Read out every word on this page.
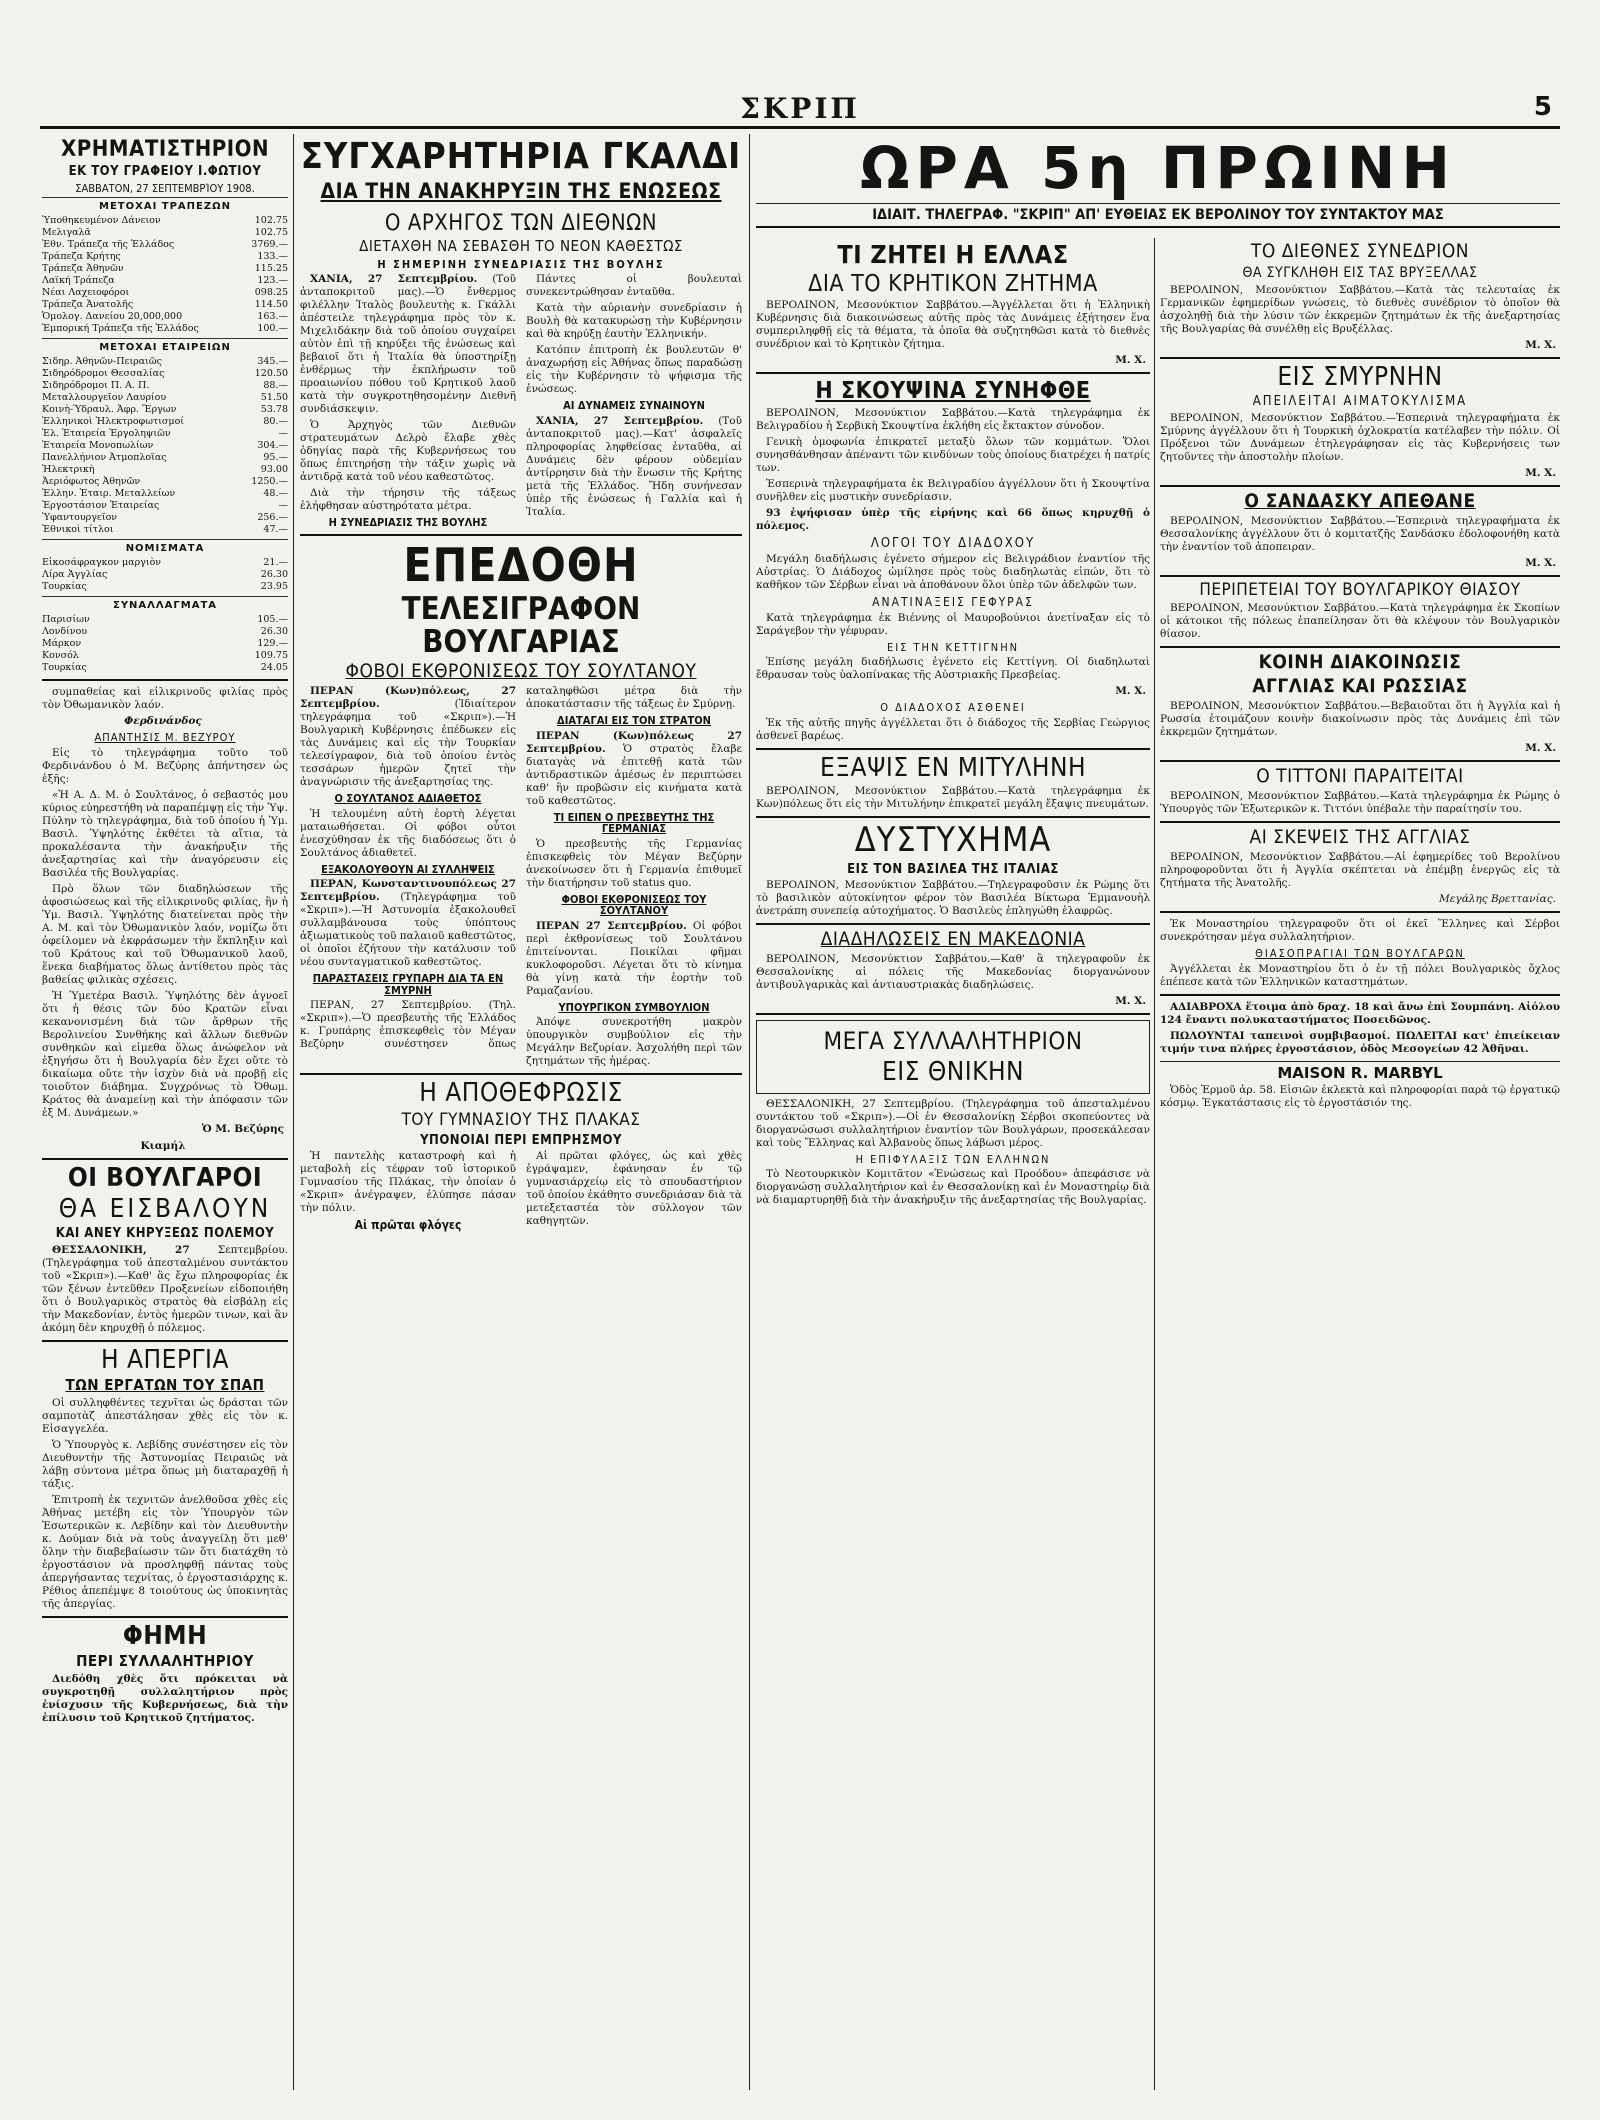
ΣΚΡΙΠ	5
ΧΡΗΜΑΤΙΣΤΗΡΙΟΝ
ΕΚ ΤΟΥ ΓΡΑΦΕΙΟΥ Ι.ΦΩΤΙΟΥ
ΣΑΒΒΑΤΟΝ, 27 ΣΕΠΤΕΜΒΡΊΟΥ 1908.
ΜΕΤΟΧΑΙ ΤΡΑΠΕΖΩΝ
Ὑποθηκευμένον Δάνειον	102.75
Μελιγαλᾶ	102.75
Ἐθν. Τράπεζα τῆς Ἑλλάδος	3769.—
Τράπεζα Κρήτης	133.—
Τράπεζα Ἀθηνῶν	115.25
Λαϊκή Τράπεζα	123.—
Νέαι Λαχειοφόροι	098.25
Τράπεζα Ἀνατολῆς	114.50
Ὁμολογ. Δανείου 20,000,000	163.—
Ἐμπορική Τράπεζα τῆς Ἑλλάδος	100.—
ΜΕΤΟΧΑΙ ΕΤΑΙΡΕΙΩΝ
Σιδηρ. Ἀθηνῶν-Πειραιῶς	345.—
Σιδηρόδρομοι Θεσσαλίας	120.50
Σιδηρόδρομοι Π. Α. Π.	88.—
Μεταλλουργεῖον Λαυρίου	51.50
Κοινὴ-Ὑδραυλ. Ἀφρ. Ἔργων	53.78
Ἑλληνικοὶ Ἠλεκτροφωτισμοί	80.—
Ἑλ. Ἑταιρεία Ἐργοληψιῶν	—
Ἑταιρεία Μονοπωλίων	304.—
Πανελλήνιον Ἀτμοπλοΐας	95.—
Ἠλεκτρικὴ	93.00
Ἀεριόφωτος Ἀθηνῶν	1250.—
Ἐλλην. Ἑταιρ. Μεταλλείων	48.—
Ἐργοστάσιον Ἑταιρείας	—
Ὑφαντουργεῖον	256.—
Ἐθνικοὶ τίτλοι	47.—
ΝΟΜΙΣΜΑΤΑ
Εἰκοσάφραγκον μαργιὸν	21.—
Λίρα Ἀγγλίας	26.30
Τουρκίας	23.95
ΣΥΝΑΛΛΑΓΜΑΤΑ
Παρισίων	105.—
Λονδίνου	26.30
Μάρκον	129.—
Κονσόλ	109.75
Τουρκίας	24.05

συμπαθείας καὶ εἰλικρινοῦς φιλίας πρὸς τὸν Ὀθωμανικὸν λαόν.

Φερδινάνδος
ΑΠΑΝΤΗΣΙΣ Μ. ΒΕΖΥΡΟΥ

Εἰς τὸ τηλεγράφημα τοῦτο τοῦ Φερδινάνδου ὁ Μ. Βεζύρης ἀπήντησεν ὡς ἑξῆς:

«Ἡ Α. Δ. Μ. ὁ Σουλτάνος, ὁ σεβαστός μου κύριος εὐηρεστήθη νὰ παραπέμψῃ εἰς τὴν Ὑψ. Πύλην τὸ τηλεγράφημα, διὰ τοῦ ὁποίου ἡ Ὑμ. Βασιλ. Ὑψηλότης ἐκθέτει τὰ αἴτια, τὰ προκαλέσαντα τὴν ἀνακήρυξιν τῆς ἀνεξαρτησίας καὶ τὴν ἀναγόρευσιν εἰς Βασιλέα τῆς Βουλγαρίας.

Πρὸ ὅλων τῶν διαδηλώσεων τῆς ἀφοσιώσεως καὶ τῆς εἰλικρινοῦς φιλίας, ἣν ἡ Ὑμ. Βασιλ. Ὑψηλότης διατείνεται πρὸς τὴν Α. Μ. καὶ τὸν Ὀθωμανικὸν λαόν, νομίζω ὅτι ὀφείλομεν νὰ ἐκφράσωμεν τὴν ἔκπληξιν καὶ τοῦ Κράτους καὶ τοῦ Ὀθωμανικοῦ λαοῦ, ἕνεκα διαβήματος ὅλως ἀντίθετου πρὸς τὰς βαθείας φιλικὰς σχέσεις.

Ἡ Ὑμετέρα Βασιλ. Ὑψηλότης δὲν ἀγνοεῖ ὅτι ἡ θέσις τῶν δύο Κρατῶν εἶναι κεκανονισμένη διὰ τῶν ἄρθρων τῆς Βερολινείου Συνθήκης καὶ ἄλλων διεθνῶν συνθηκῶν καὶ εἰμεθα ὅλως ἀνώφελον νὰ ἐξηγήσω ὅτι ἡ Βουλγαρία δὲν ἔχει οὔτε τὸ δικαίωμα οὔτε τὴν ἰσχὺν διὰ νὰ προβῇ εἰς τοιοῦτον διάβημα. Συγχρόνως τὸ Ὀθωμ. Κράτος θὰ ἀναμείνῃ καὶ τὴν ἀπόφασιν τῶν ἐξ Μ. Δυνάμεων.»

Ὁ Μ. Βεζύρης
Κιαμήλ
ΟΙ ΒΟΥΛΓΑΡΟΙ
ΘΑ ΕΙΣΒΑΛΟΥΝ
ΚΑΙ ΑΝΕΥ ΚΗΡΥΞΕΩΣ ΠΟΛΕΜΟΥ

ΘΕΣΣΑΛΟΝΙΚΗ, 27	Σεπτεμβρίου. (Τηλεγράφημα τοῦ ἀπεσταλμένου συντάκτου τοῦ «Σκριπ»).—Καθ' ἃς ἔχω πληροφορίας ἐκ τῶν ξένων ἐντεῦθεν Προξενείων εἰδοποιήθη ὅτι ὁ Βουλγαρικὸς στρατὸς θὰ εἰσβάλῃ εἰς τὴν Μακεδονίαν, ἐντὸς ἡμερῶν τινων, καὶ ἂν ἀκόμη δὲν κηρυχθῇ ὁ πόλεμος.

Η ΑΠΕΡΓΙΑ
ΤΩΝ ΕΡΓΑΤΩΝ ΤΟΥ ΣΠΑΠ

Οἱ συλληφθέντες τεχνῖται ὡς δράσται τῶν σαμποτὰζ ἀπεστάλησαν χθὲς εἰς τὸν κ. Εἰσαγγελέα.

Ὁ Ὑπουργὸς κ. Λεβίδης συνέστησεν εἰς τὸν Διευθυντὴν τῆς Ἀστυνομίας Πειραιῶς νὰ λάβῃ σύντονα μέτρα ὅπως μὴ διαταραχθῇ ἡ τάξις.

Ἐπιτροπὴ ἐκ τεχνιτῶν ἀνελθοῦσα χθὲς εἰς Ἀθήνας μετέβη εἰς τὸν Ὑπουργὸν τῶν Ἐσωτερικῶν κ. Λεβίδην καὶ τὸν Διευθυντὴν κ. Δούμαν διὰ νὰ τοὺς ἀναγγείλῃ ὅτι μεθ' ὅλην τὴν διαβεβαίωσιν τῶν ὅτι διατάχθη τὸ ἐργοστάσιον νὰ προσληφθῇ πάντας τοὺς ἀπεργήσαντας τεχνίτας, ὁ ἐργοστασιάρχης κ. Ρέθιος ἀπεπέμψε 8 τοιούτους ὡς ὑποκινητὰς τῆς ἀπεργίας.

ΦΗΜΗ
ΠΕΡΙ ΣΥΛΛΑΛΗΤΗΡΙΟΥ

Διεδόθη χθὲς ὅτι πρόκειται νὰ συγκροτηθῇ συλλαλητήριον πρὸς ἐνίσχυσιν τῆς Κυβερνήσεως, διὰ τὴν ἐπίλυσιν τοῦ Κρητικοῦ ζητήματος.

ΣΥΓΧΑΡΗΤΗΡΙΑ ΓΚΑΛΔΙ
ΔΙΑ ΤΗΝ ΑΝΑΚΗΡΥΞΙΝ ΤΗΣ ΕΝΩΣΕΩΣ
Ο ΑΡΧΗΓΟΣ ΤΩΝ ΔΙΕΘΝΩΝ
ΔΙΕΤΑΧΘΗ ΝΑ ΣΕΒΑΣΘΗ ΤΟ ΝΕΟΝ ΚΑΘΕΣΤΩΣ
Η ΣΗΜΕΡΙΝΗ ΣΥΝΕΔΡΙΑΣΙΣ ΤΗΣ ΒΟΥΛΗΣ

ΧΑΝΙΑ, 27 Σεπτεμβρίου. (Τοῦ ἀνταποκριτοῦ μας).—Ὁ ἔνθερμος φιλέλλην Ἰταλὸς βουλευτὴς κ. Γκάλλι ἀπέστειλε τηλεγράφημα πρὸς τὸν κ. Μιχελιδάκην διὰ τοῦ ὁποίου συγχαίρει αὐτὸν ἐπὶ τῇ κηρύξει τῆς ἑνώσεως καὶ βεβαιοῖ ὅτι ἡ Ἰταλία θὰ ὑποστηρίξῃ ἐνθέρμως τὴν ἐκπλήρωσιν τοῦ προαιωνίου πόθου τοῦ Κρητικοῦ λαοῦ κατὰ τὴν συγκροτηθησομένην Διεθνῆ συνδιάσκεψιν.

Ὁ Ἀρχηγὸς τῶν Διεθνῶν στρατευμάτων Δελρὸ ἔλαβε χθὲς ὁδηγίας παρὰ τῆς Κυβερνήσεως του ὅπως ἐπιτηρήσῃ τὴν τάξιν χωρὶς νὰ ἀντιδρᾷ κατὰ τοῦ νέου καθεστῶτος.

Διὰ τὴν τήρησιν τῆς τάξεως ἐλήφθησαν αὐστηρότατα μέτρα.

Η ΣΥΝΕΔΡΙΑΣΙΣ ΤΗΣ ΒΟΥΛΗΣ

Πάντες οἱ βουλευταὶ συνεκεντρώθησαν ἐνταῦθα.

Κατὰ τὴν αὐριανὴν συνεδρίασιν ἡ Βουλὴ θὰ κατακυρώσῃ τὴν Κυβέρνησιν καὶ θὰ κηρύξῃ ἑαυτὴν Ἑλληνικήν.

Κατόπιν ἐπιτροπὴ ἐκ βουλευτῶν θ' ἀναχωρήσῃ εἰς Ἀθήνας ὅπως παραδώσῃ εἰς τὴν Κυβέρνησιν τὸ ψήφισμα τῆς ἑνώσεως.

ΑΙ ΔΥΝΑΜΕΙΣ ΣΥΝΑΙΝΟΥΝ

ΧΑΝΙΑ, 27 Σεπτεμβρίου. (Τοῦ ἀνταποκριτοῦ μας).—Κατ' ἀσφαλεῖς πληροφορίας ληφθείσας ἐνταῦθα, αἱ Δυνάμεις δὲν φέρουν οὐδεμίαν ἀντίρρησιν διὰ τὴν ἕνωσιν τῆς Κρήτης μετὰ τῆς Ἑλλάδος. Ἤδη συνήνεσαν ὑπὲρ τῆς ἑνώσεως ἡ Γαλλία καὶ ἡ Ἰταλία.

ΕΠΕΔΟΘΗ
ΤΕΛΕΣΙΓΡΑΦΟΝ ΒΟΥΛΓΑΡΙΑΣ
ΦΟΒΟΙ ΕΚΘΡΟΝΙΣΕΩΣ ΤΟΥ ΣΟΥΛΤΑΝΟΥ

ΠΕΡΑΝ (Κων)πόλεως, 27 Σεπτεμβρίου.	(Ἰδιαίτερον τηλεγράφημα τοῦ «Σκριπ»).—Ἡ Βουλγαρικὴ Κυβέρνησις ἐπέδωκεν εἰς τὰς Δυνάμεις καὶ εἰς τὴν Τουρκίαν τελεσίγραφον, διὰ τοῦ ὁποίου ἐντὸς τεσσάρων ἡμερῶν ζητεῖ τὴν ἀναγνώρισιν τῆς ἀνεξαρτησίας της.

Ο ΣΟΥΛΤΑΝΟΣ ΑΔΙΑΘΕΤΟΣ

Ἡ τελουμένη αὐτὴ ἑορτὴ λέγεται ματαιωθήσεται. Οἱ φόβοι οὗτοι ἐνεσχύθησαν ἐκ τῆς διαδόσεως ὅτι ὁ Σουλτάνος ἀδιαθετεῖ.

ΕΞΑΚΟΛΟΥΘΟΥΝ ΑΙ ΣΥΛΛΗΨΕΙΣ

ΠΕΡΑΝ, Κωνσταντινουπόλεως 27 Σεπτεμβρίου. (Τηλεγράφημα τοῦ «Σκριπ»).—Ἡ Ἀστυνομία ἐξακολουθεῖ συλλαμβάνουσα τοὺς ὑπόπτους ἀξιωματικοὺς τοῦ παλαιοῦ καθεστῶτος, οἱ ὁποῖοι ἐζήτουν τὴν κατάλυσιν τοῦ νέου συνταγματικοῦ καθεστῶτος.

ΠΑΡΑΣΤΑΣΕΙΣ ΓΡΥΠΑΡΗ ΔΙΑ ΤΑ ΕΝ ΣΜΥΡΝΗ

ΠΕΡΑΝ, 27 Σεπτεμβρίου. (Τηλ. «Σκριπ»).—Ὁ πρεσβευτὴς τῆς Ἑλλάδος κ. Γρυπάρης ἐπισκεφθεὶς τὸν Μέγαν Βεζύρην συνέστησεν ὅπως καταληφθῶσι μέτρα διὰ τὴν ἀποκατάστασιν τῆς τάξεως ἐν Σμύρνῃ.

ΔΙΑΤΑΓΑΙ ΕΙΣ ΤΟΝ ΣΤΡΑΤΟΝ

ΠΕΡΑΝ (Κων)πόλεως 27 Σεπτεμβρίου. Ὁ στρατὸς ἔλαβε διαταγὰς νὰ ἐπιτεθῇ κατὰ τῶν ἀντιδραστικῶν ἀμέσως ἐν περιπτώσει καθ' ἣν προβῶσιν εἰς κινήματα κατὰ τοῦ καθεστῶτος.

ΤΙ ΕΙΠΕΝ Ο ΠΡΕΣΒΕΥΤΗΣ ΤΗΣ ΓΕΡΜΑΝΙΑΣ

Ὁ πρεσβευτὴς τῆς Γερμανίας ἐπισκεφθεὶς τὸν Μέγαν Βεζύρην ἀνεκοίνωσεν ὅτι ἡ Γερμανία ἐπιθυμεῖ τὴν διατήρησιν τοῦ status quo.

ΦΟΒΟΙ ΕΚΘΡΟΝΙΣΕΩΣ ΤΟΥ ΣΟΥΛΤΑΝΟΥ

ΠΕΡΑΝ 27 Σεπτεμβρίου. Οἱ φόβοι περὶ ἐκθρονίσεως τοῦ Σουλτάνου ἐπιτείνονται. Ποικίλαι φῆμαι κυκλοφοροῦσι. Λέγεται ὅτι τὸ κίνημα θὰ γίνῃ κατὰ τὴν ἑορτὴν τοῦ Ραμαζανίου.

ΥΠΟΥΡΓΙΚΟΝ ΣΥΜΒΟΥΛΙΟΝ

Ἀπόψε συνεκροτήθη μακρὸν ὑπουργικὸν συμβούλιον εἰς τὴν Μεγάλην Βεζυρίαν. Ἀσχολήθη περὶ τῶν ζητημάτων τῆς ἡμέρας.

Η ΑΠΟΘΕΦΡΩΣΙΣ
ΤΟΥ ΓΥΜΝΑΣΙΟΥ ΤΗΣ ΠΛΑΚΑΣ
ΥΠΟΝΟΙΑΙ ΠΕΡΙ ΕΜΠΡΗΣΜΟΥ

Ἡ παντελὴς καταστροφὴ καὶ ἡ μεταβολὴ εἰς τέφραν τοῦ ἱστορικοῦ Γυμνασίου τῆς Πλάκας, τὴν ὁποίαν ὁ «Σκριπ» ἀνέγραψεν, ἐλύπησε πάσαν τὴν πόλιν.

Αἱ πρῶται φλόγες

Αἱ πρῶται φλόγες, ὡς καὶ χθὲς ἐγράψαμεν, ἐφάνησαν ἐν τῷ γυμνασιάρχείῳ εἰς τὸ σπουδαστήριον τοῦ ὁποίου ἐκάθητο συνεδριάσαν διὰ τὰ μετεξεταστέα τὸν σύλλογον τῶν καθηγητῶν.

ΩΡΑ 5η ΠΡΩΙΝΗ
ΙΔΙΑΙΤ. ΤΗΛΕΓΡΑΦ. "ΣΚΡΙΠ" ΑΠ' ΕΥΘΕΙΑΣ ΕΚ ΒΕΡΟΛΙΝΟΥ ΤΟΥ ΣΥΝΤΑΚΤΟΥ ΜΑΣ
ΤΙ ΖΗΤΕΙ Η ΕΛΛΑΣ
ΔΙΑ ΤΟ ΚΡΗΤΙΚΟΝ ΖΗΤΗΜΑ

ΒΕΡΟΛΙΝΟΝ, Μεσονύκτιον Σαββάτου.—Ἀγγέλλεται ὅτι ἡ Ἑλληνικὴ Κυβέρνησις διὰ διακοινώσεως αὐτῆς πρὸς τὰς Δυνάμεις ἐξήτησεν ἕνα συμπεριληφθῇ εἰς τὰ θέματα, τὰ ὁποῖα θὰ συζητηθῶσι κατὰ τὸ διεθνὲς συνέδριον καὶ τὸ Κρητικὸν ζήτημα.

Μ. Χ.
Η ΣΚΟΥΨΙΝΑ ΣΥΝΗΦΘΕ

ΒΕΡΟΛΙΝΟΝ, Μεσονύκτιον Σαββάτου.—Κατὰ τηλεγράφημα ἐκ Βελιγραδίου ἡ Σερβικὴ Σκουψτίνα ἐκλήθη εἰς ἔκτακτον σύνοδον.

Γενικὴ ὁμοφωνία ἐπικρατεῖ μεταξὺ ὅλων τῶν κομμάτων. Ὅλοι συνησθάνθησαν ἀπέναντι τῶν κινδύνων τοὺς ὁποίους διατρέχει ἡ πατρίς των.

Ἐσπερινὰ τηλεγραφήματα ἐκ Βελιγραδίου ἀγγέλλουν ὅτι ἡ Σκουψτίνα συνῆλθεν εἰς μυστικὴν συνεδρίασιν.

93 ἐψήφισαν ὑπὲρ τῆς εἰρήνης καὶ 66 ὅπως κηρυχθῇ ὁ πόλεμος.

ΛΟΓΟΙ ΤΟΥ ΔΙΑΔΟΧΟΥ

Μεγάλη διαδήλωσις ἐγένετο σήμερον εἰς Βελιγράδιον ἐναντίον τῆς Αὐστρίας. Ὁ Διάδοχος ὡμίλησε πρὸς τοὺς διαδηλωτὰς εἰπών, ὅτι τὸ καθῆκον τῶν Σέρβων εἶναι νὰ ἀποθάνουν ὅλοι ὑπὲρ τῶν ἀδελφῶν των.

ΑΝΑΤΙΝΑΞΕΙΣ ΓΕΦΥΡΑΣ

Κατὰ τηλεγράφημα ἐκ Βιέννης οἱ Μαυροβούνιοι ἀνετίναξαν εἰς τὸ Σαράγεβον τὴν γέφυραν.

ΕΙΣ ΤΗΝ ΚΕΤΤΙΓΝΗΝ

Ἐπίσης μεγάλη διαδήλωσις ἐγένετο εἰς Κεττίγνη. Οἱ διαδηλωταὶ ἔθραυσαν τοὺς ὑαλοπίνακας τῆς Αὐστριακῆς Πρεσβείας.

Μ. Χ.
Ο ΔΙΑΔΟΧΟΣ ΑΣΘΕΝΕΙ

Ἐκ τῆς αὐτῆς πηγῆς ἀγγέλλεται ὅτι ὁ διάδοχος τῆς Σερβίας Γεώργιος ἀσθενεῖ βαρέως.

ΕΞΑΨΙΣ ΕΝ ΜΙΤΥΛΗΝΗ

ΒΕΡΟΛΙΝΟΝ, Μεσονύκτιον Σαββάτου.—Κατὰ τηλεγράφημα ἐκ Κων)πόλεως ὅτι εἰς τὴν Μιτυλήνην ἐπικρατεῖ μεγάλη ἔξαψις πνευμάτων.

ΔΥΣΤΥΧΗΜΑ
ΕΙΣ ΤΟΝ ΒΑΣΙΛΕΑ ΤΗΣ ΙΤΑΛΙΑΣ

ΒΕΡΟΛΙΝΟΝ, Μεσονύκτιον Σαββάτου.—Τηλεγραφοῦσιν ἐκ Ρώμης ὅτι τὸ βασιλικὸν αὐτοκίνητον φέρον τὸν Βασιλέα Βίκτωρα Ἐμμανουὴλ ἀνετράπη συνεπείᾳ αὐτοχήματος. Ὁ Βασιλεὺς ἐπληγώθη ἐλαφρῶς.

ΔΙΑΔΗΛΩΣΕΙΣ ΕΝ ΜΑΚΕΔΟΝΙΑ

ΒΕΡΟΛΙΝΟΝ, Μεσονύκτιον Σαββάτου.—Καθ' ἃ τηλεγραφοῦν ἐκ Θεσσαλονίκης αἱ πόλεις τῆς Μακεδονίας διοργανώνουν ἀντιβουλγαρικὰς καὶ ἀντιαυστριακὰς διαδηλώσεις.

Μ. Χ.
ΜΕΓΑ ΣΥΛΛΑΛΗΤΗΡΙΟΝ
ΕΙΣ ΘΝΙΚΗΝ

ΘΕΣΣΑΛΟΝΙΚΗ, 27 Σεπτεμβρίου. (Τηλεγράφημα τοῦ ἀπεσταλμένου συντάκτου τοῦ «Σκριπ»).—Οἱ ἐν Θεσσαλονίκῃ Σέρβοι σκοπεύοντες νὰ διοργανώσωσι συλλαλητήριον ἐναντίον τῶν Βουλγάρων, προσεκάλεσαν καὶ τοὺς Ἕλληνας καὶ Ἀλβανοὺς ὅπως λάβωσι μέρος.

Η ΕΠΙΦΥΛΑΞΙΣ ΤΩΝ ΕΛΛΗΝΩΝ

Τὸ Νεοτουρκικὸν Κομιτᾶτον «Ἑνώσεως καὶ Προόδου» ἀπεφάσισε νὰ διοργανώσῃ συλλαλητήριον καὶ ἐν Θεσσαλονίκῃ καὶ ἐν Μοναστηρίῳ διὰ νὰ διαμαρτυρηθῇ διὰ τὴν ἀνακήρυξιν τῆς ἀνεξαρτησίας τῆς Βουλγαρίας.

ΤΟ ΔΙΕΘΝΕΣ ΣΥΝΕΔΡΙΟΝ
ΘΑ ΣΥΓΚΛΗΘΗ ΕΙΣ ΤΑΣ ΒΡΥΞΕΛΛΑΣ

ΒΕΡΟΛΙΝΟΝ, Μεσονύκτιον Σαββάτου.—Κατὰ τὰς τελευταίας ἐκ Γερμανικῶν ἐφημερίδων γνώσεις, τὸ διεθνὲς συνέδριον τὸ ὁποῖον θὰ ἀσχοληθῇ διὰ τὴν λύσιν τῶν ἐκκρεμῶν ζητημάτων ἐκ τῆς ἀνεξαρτησίας τῆς Βουλγαρίας θὰ συνέλθῃ εἰς Βρυξέλλας.

Μ. Χ.
ΕΙΣ ΣΜΥΡΝΗΝ
ΑΠΕΙΛΕΙΤΑΙ ΑΙΜΑΤΟΚΥΛΙΣΜΑ

ΒΕΡΟΛΙΝΟΝ, Μεσονύκτιον Σαββάτου.—Ἐσπερινὰ τηλεγραφήματα ἐκ Σμύρνης ἀγγέλλουν ὅτι ἡ Τουρκικὴ ὀχλοκρατία κατέλαβεν τὴν πόλιν. Οἱ Πρόξενοι τῶν Δυνάμεων ἐτηλεγράφησαν εἰς τὰς Κυβερνήσεις των ζητοῦντες τὴν ἀποστολὴν πλοίων.

Μ. Χ.
Ο ΣΑΝΔΑΣΚΥ ΑΠΕΘΑΝΕ

ΒΕΡΟΛΙΝΟΝ, Μεσονύκτιον Σαββάτου.—Ἐσπερινὰ τηλεγραφήματα ἐκ Θεσσαλονίκης ἀγγέλλουν ὅτι ὁ κομιτατζῆς Σανδάσκυ ἐδολοφονήθη κατὰ τὴν ἐναντίον τοῦ ἀποπειραν.

Μ. Χ.
ΠΕΡΙΠΕΤΕΙΑΙ ΤΟΥ ΒΟΥΛΓΑΡΙΚΟΥ ΘΙΑΣΟΥ

ΒΕΡΟΛΙΝΟΝ, Μεσονύκτιον Σαββάτου.—Κατὰ τηλεγράφημα ἐκ Σκοπίων οἱ κάτοικοι τῆς πόλεως ἐπαπείλησαν ὅτι θὰ κλέψουν τὸν Βουλγαρικὸν θίασον.

ΚΟΙΝΗ ΔΙΑΚΟΙΝΩΣΙΣ
ΑΓΓΛΙΑΣ ΚΑΙ ΡΩΣΣΙΑΣ

ΒΕΡΟΛΙΝΟΝ, Μεσονύκτιον Σαββάτου.—Βεβαιοῦται ὅτι ἡ Ἀγγλία καὶ ἡ Ρωσσία ἑτοιμάζουν κοινὴν διακοίνωσιν πρὸς τὰς Δυνάμεις ἐπὶ τῶν ἐκκρεμῶν ζητημάτων.

Μ. Χ.
Ο ΤΙΤΤΟΝΙ ΠΑΡΑΙΤΕΙΤΑΙ

ΒΕΡΟΛΙΝΟΝ, Μεσονύκτιον Σαββάτου.—Κατὰ τηλεγράφημα ἐκ Ρώμης ὁ Ὑπουργὸς τῶν Ἐξωτερικῶν κ. Τιττόνι ὑπέβαλε τὴν παραίτησίν του.

ΑΙ ΣΚΕΨΕΙΣ ΤΗΣ ΑΓΓΛΙΑΣ

ΒΕΡΟΛΙΝΟΝ, Μεσονύκτιον Σαββάτου.—Αἱ ἐφημερίδες τοῦ Βερολίνου πληροφοροῦνται ὅτι ἡ Ἀγγλία σκέπτεται νὰ ἐπέμβῃ ἐνεργῶς εἰς τὰ ζητήματα τῆς Ἀνατολῆς.

Μεγάλης Βρεττανίας.

Ἐκ Μοναστηρίου τηλεγραφοῦν ὅτι οἱ ἐκεῖ Ἕλληνες καὶ Σέρβοι συνεκρότησαν μέγα συλλαλητήριον.

ΘΙΑΣΟΠΡΑΓΙΑΙ ΤΩΝ ΒΟΥΛΓΑΡΩΝ

Ἀγγέλλεται ἐκ Μοναστηρίου ὅτι ὁ ἐν τῇ πόλει Βουλγαρικὸς ὄχλος ἐπέπεσε κατὰ τῶν Ἑλληνικῶν καταστημάτων.

ΑΔΙΑΒΡΟΧΑ ἕτοιμα ἀπὸ δραχ. 18 καὶ ἄνω ἐπὶ Σουμπάνη. Αἰόλου 124 ἔναντι πολυκαταστήματος Ποσειδῶνος.

ΠΩΛΟΥΝΤΑΙ ταπεινοὶ συμβιβασμοί. ΠΩΛΕΙΤΑΙ κατ' ἐπιείκειαν τιμήν τινα πλήρες ἐργοστάσιον, ὁδὸς Μεσογείων 42 Ἀθῆναι.

MAISON R. MARBYL

Ὁδὸς Ἑρμοῦ ἀρ. 58. Εἰσιῶν ἐκλεκτὰ καὶ πληροφορίαι παρὰ τῷ ἐργατικῷ κόσμῳ. Ἐγκατάστασις εἰς τὸ ἐργοστάσιόν της.
